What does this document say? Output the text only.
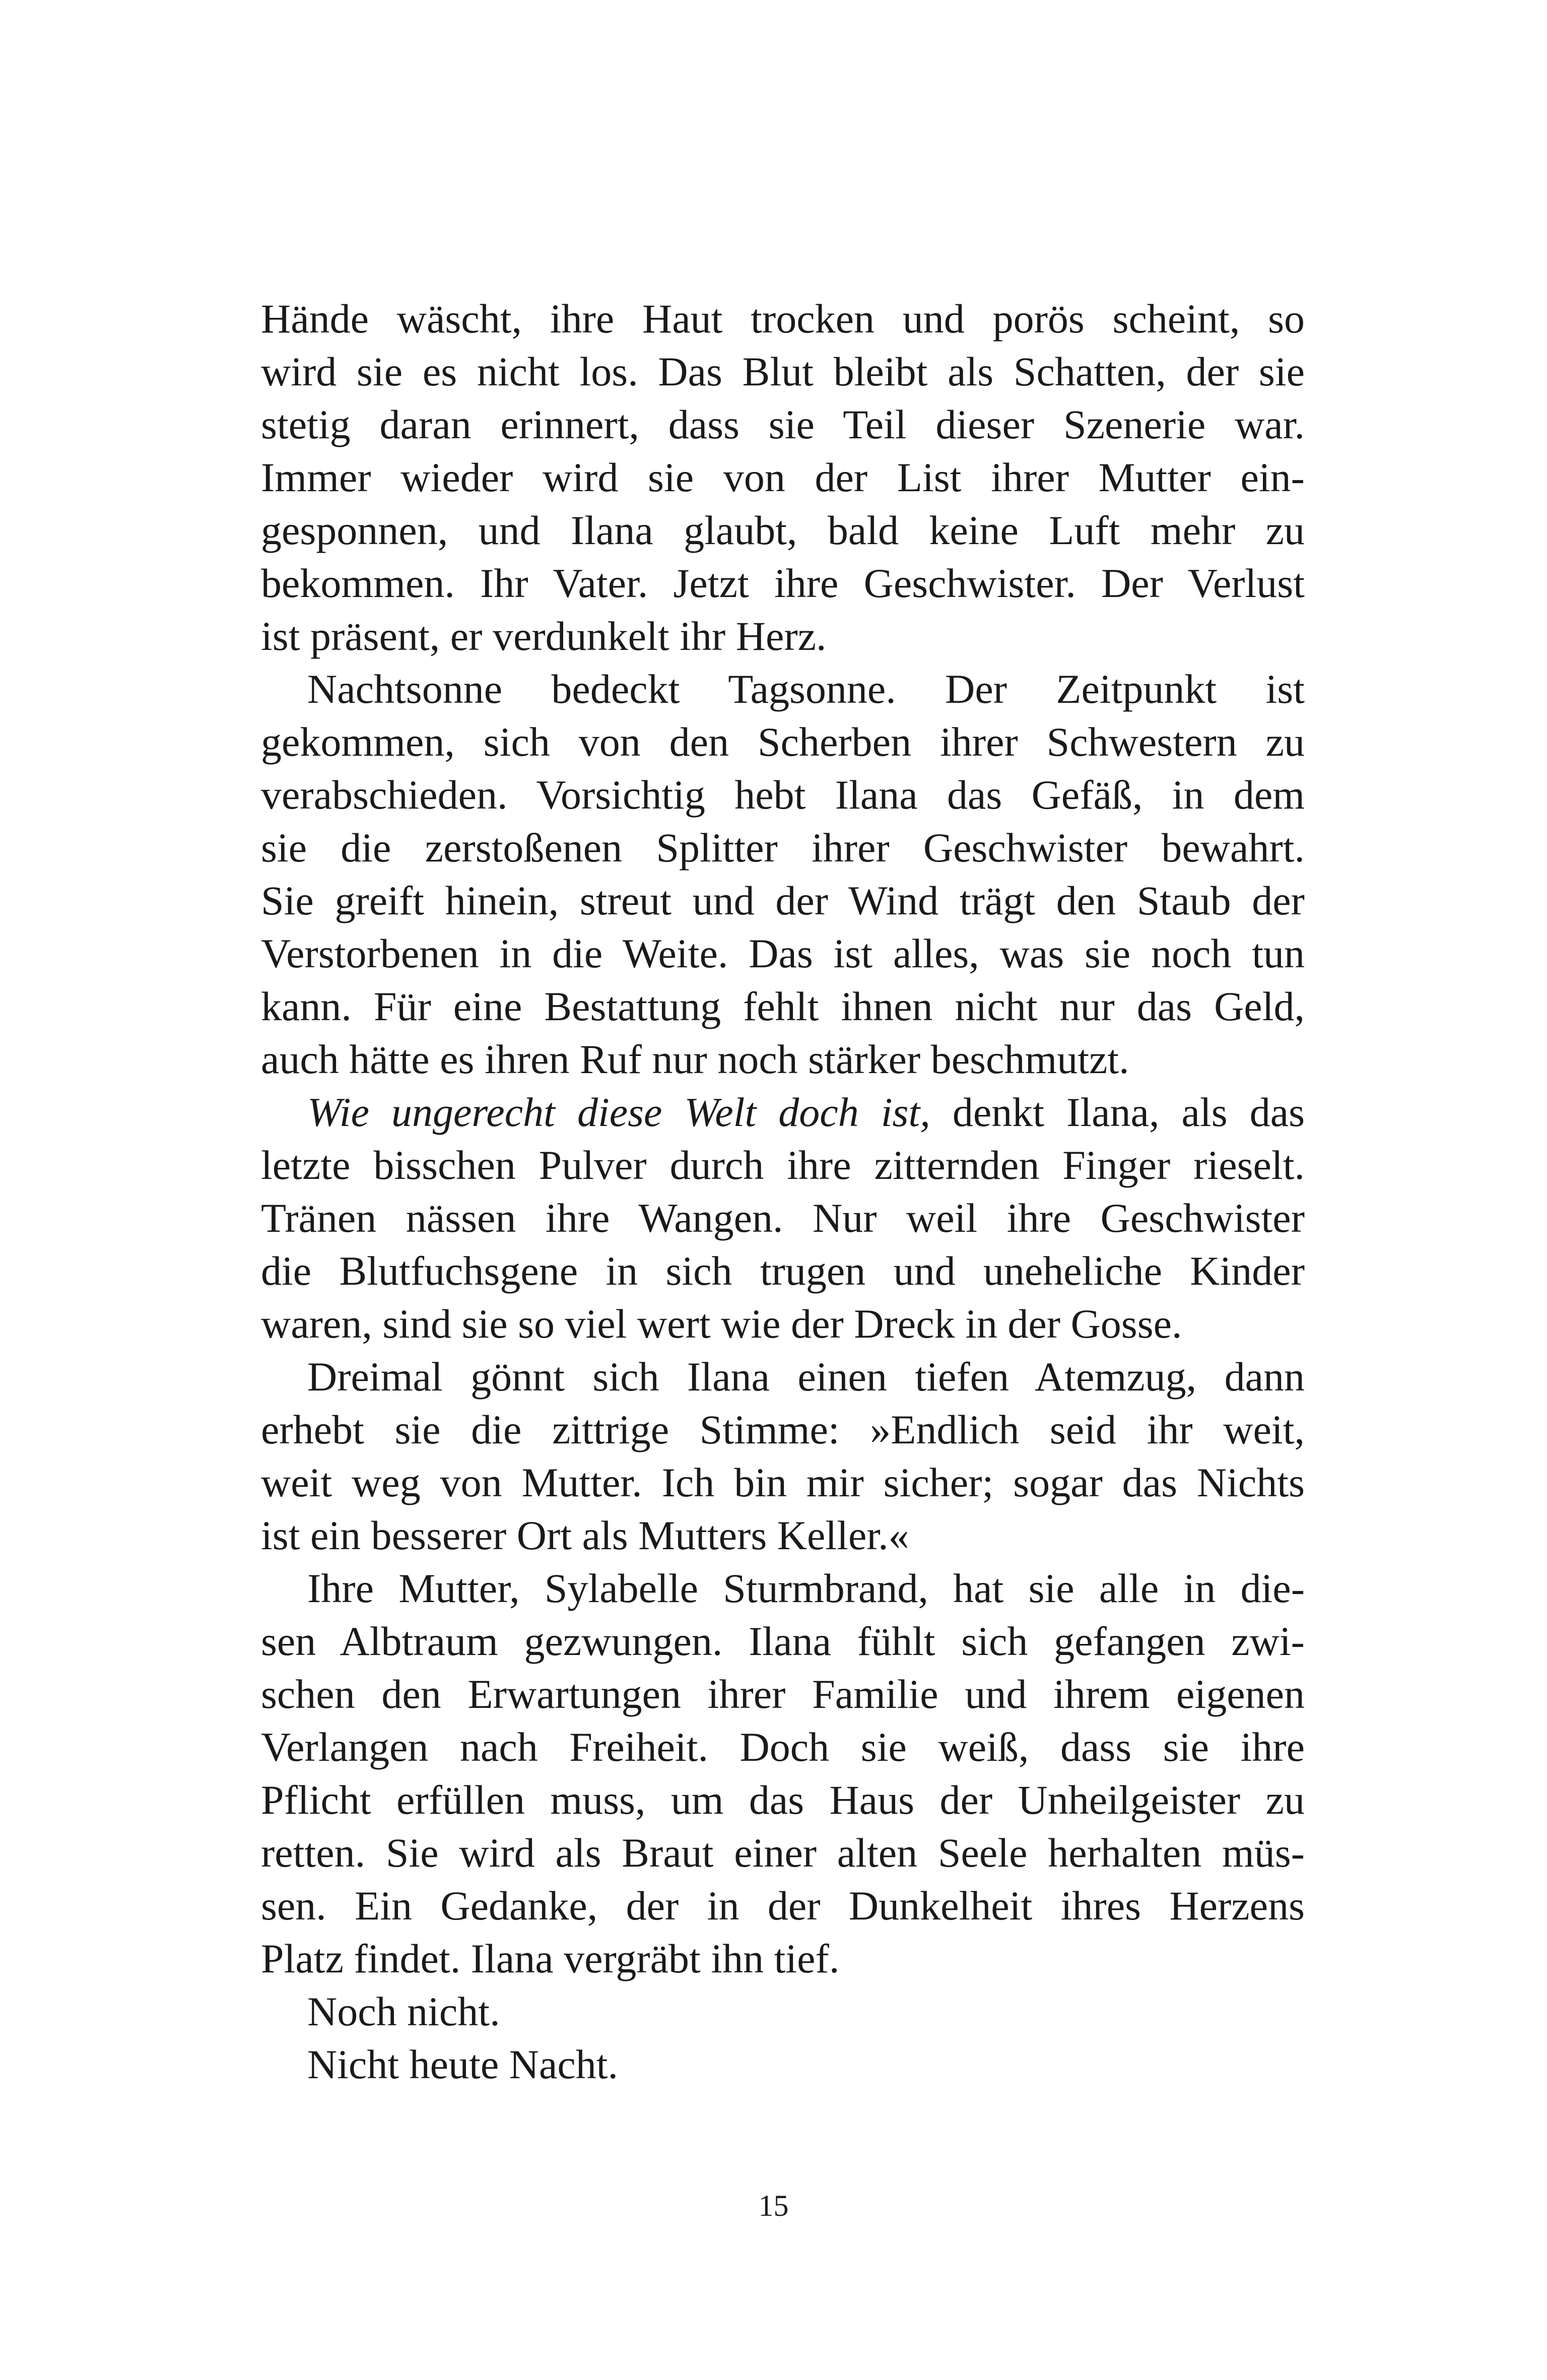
Hände wäscht, ihre Haut trocken und porös scheint, so
wird sie es nicht los. Das Blut bleibt als Schatten, der sie
stetig daran erinnert, dass sie Teil dieser Szenerie war.
Immer wieder wird sie von der List ihrer Mutter ein-
gesponnen, und Ilana glaubt, bald keine Luft mehr zu
bekommen. Ihr Vater. Jetzt ihre Geschwister. Der Verlust
ist präsent, er verdunkelt ihr Herz.
Nachtsonne bedeckt Tagsonne. Der Zeitpunkt ist
gekommen, sich von den Scherben ihrer Schwestern zu
verabschieden. Vorsichtig hebt Ilana das Gefäß, in dem
sie die zerstoßenen Splitter ihrer Geschwister bewahrt.
Sie greift hinein, streut und der Wind trägt den Staub der
Verstorbenen in die Weite. Das ist alles, was sie noch tun
kann. Für eine Bestattung fehlt ihnen nicht nur das Geld,
auch hätte es ihren Ruf nur noch stärker beschmutzt.
Wie ungerecht diese Welt doch ist, denkt Ilana, als das
letzte bisschen Pulver durch ihre zitternden Finger rieselt.
Tränen nässen ihre Wangen. Nur weil ihre Geschwister
die Blutfuchsgene in sich trugen und uneheliche Kinder
waren, sind sie so viel wert wie der Dreck in der Gosse.
Dreimal gönnt sich Ilana einen tiefen Atemzug, dann
erhebt sie die zittrige Stimme: »Endlich seid ihr weit,
weit weg von Mutter. Ich bin mir sicher; sogar das Nichts
ist ein besserer Ort als Mutters Keller.«
Ihre Mutter, Sylabelle Sturmbrand, hat sie alle in die-
sen Albtraum gezwungen. Ilana fühlt sich gefangen zwi-
schen den Erwartungen ihrer Familie und ihrem eigenen
Verlangen nach Freiheit. Doch sie weiß, dass sie ihre
Pflicht erfüllen muss, um das Haus der Unheilgeister zu
retten. Sie wird als Braut einer alten Seele herhalten müs-
sen. Ein Gedanke, der in der Dunkelheit ihres Herzens
Platz findet. Ilana vergräbt ihn tief.
Noch nicht.
Nicht heute Nacht.
15
